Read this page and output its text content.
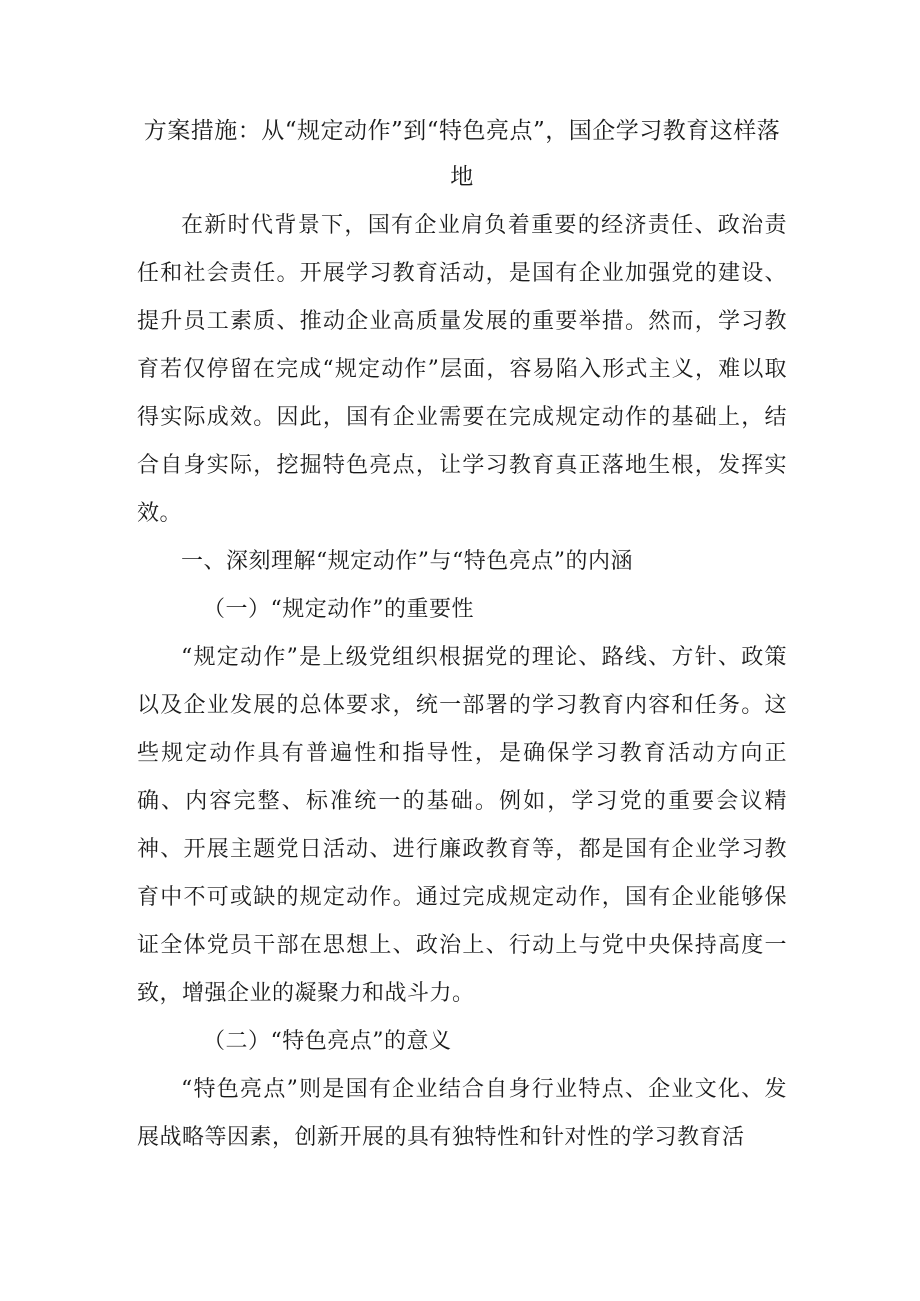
方案措施：从“规定动作”到“特色亮点”，国企学习教育这样落地

在新时代背景下，国有企业肩负着重要的经济责任、政治责任和社会责任。开展学习教育活动，是国有企业加强党的建设、提升员工素质、推动企业高质量发展的重要举措。然而，学习教育若仅停留在完成“规定动作”层面，容易陷入形式主义，难以取得实际成效。因此，国有企业需要在完成规定动作的基础上，结合自身实际，挖掘特色亮点，让学习教育真正落地生根，发挥实效。

一、深刻理解“规定动作”与“特色亮点”的内涵

（一）“规定动作”的重要性

“规定动作”是上级党组织根据党的理论、路线、方针、政策以及企业发展的总体要求，统一部署的学习教育内容和任务。这些规定动作具有普遍性和指导性，是确保学习教育活动方向正确、内容完整、标准统一的基础。例如，学习党的重要会议精神、开展主题党日活动、进行廉政教育等，都是国有企业学习教育中不可或缺的规定动作。通过完成规定动作，国有企业能够保证全体党员干部在思想上、政治上、行动上与党中央保持高度一致，增强企业的凝聚力和战斗力。

（二）“特色亮点”的意义

“特色亮点”则是国有企业结合自身行业特点、企业文化、发展战略等因素，创新开展的具有独特性和针对性的学习教育活
